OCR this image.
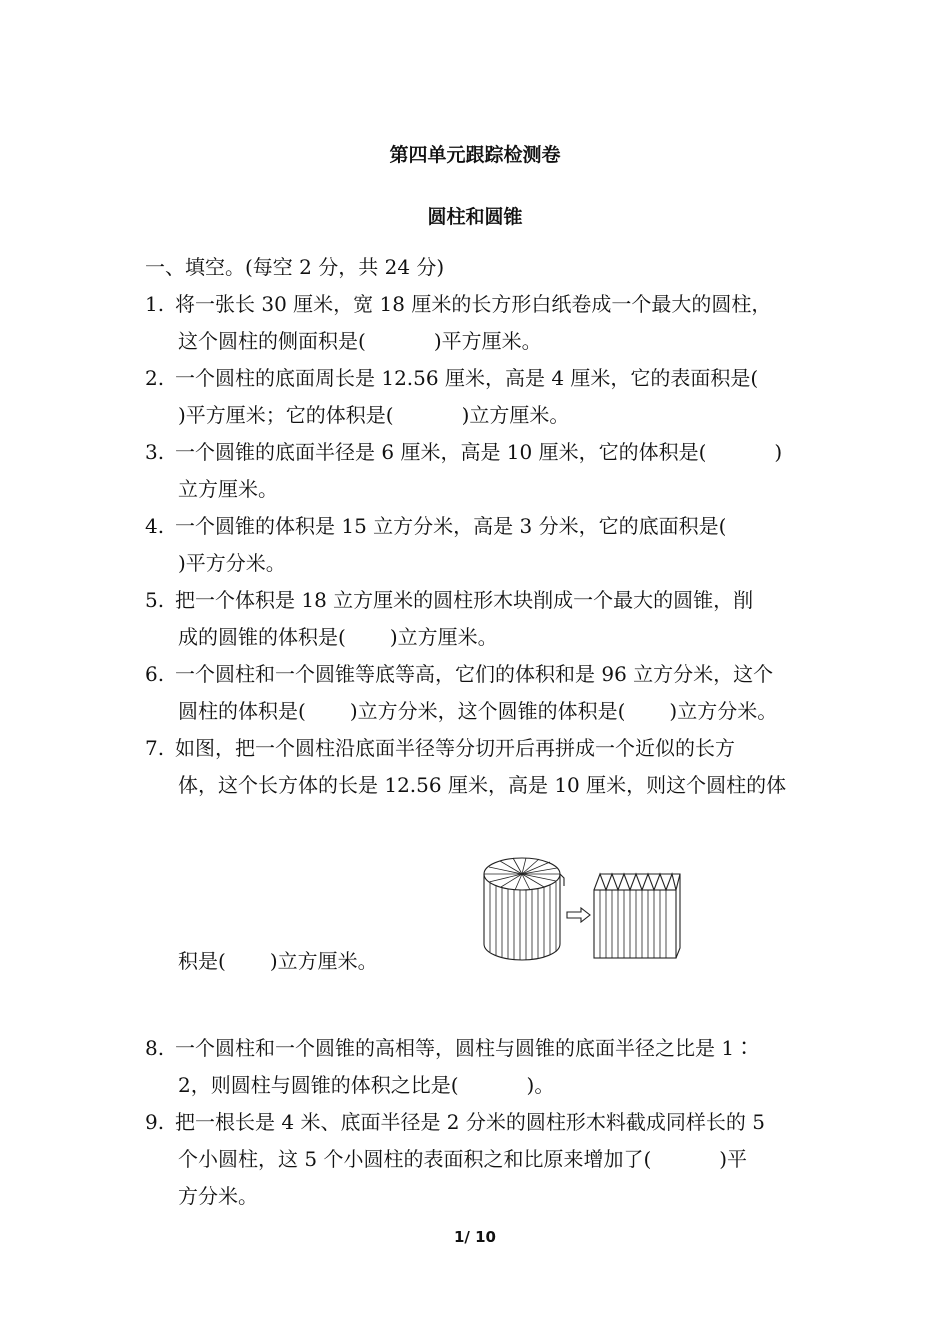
第四单元跟踪检测卷
圆柱和圆锥
一、填空。(每空 2 分，共 24 分)
1. 将一张长 30 厘米，宽 18 厘米的长方形白纸卷成一个最大的圆柱，
这个圆柱的侧面积是(	)平方厘米。
2. 一个圆柱的底面周长是 12.56 厘米，高是 4 厘米，它的表面积是(
)平方厘米；它的体积是(	)立方厘米。
3. 一个圆锥的底面半径是 6 厘米，高是 10 厘米，它的体积是(	)
立方厘米。
4. 一个圆锥的体积是 15 立方分米，高是 3 分米，它的底面积是(
)平方分米。
5. 把一个体积是 18 立方厘米的圆柱形木块削成一个最大的圆锥，削
成的圆锥的体积是( )立方厘米。
6. 一个圆柱和一个圆锥等底等高，它们的体积和是 96 立方分米，这个
圆柱的体积是( )立方分米，这个圆锥的体积是( )立方分米。
7. 如图，把一个圆柱沿底面半径等分切开后再拼成一个近似的长方
体，这个长方体的长是 12.56 厘米，高是 10 厘米，则这个圆柱的体
积是( )立方厘米。
8. 一个圆柱和一个圆锥的高相等，圆柱与圆锥的底面半径之比是 1∶
2，则圆柱与圆锥的体积之比是(	)。
9. 把一根长是 4 米、底面半径是 2 分米的圆柱形木料截成同样长的 5
个小圆柱，这 5 个小圆柱的表面积之和比原来增加了(	)平
方分米。
1/ 10
